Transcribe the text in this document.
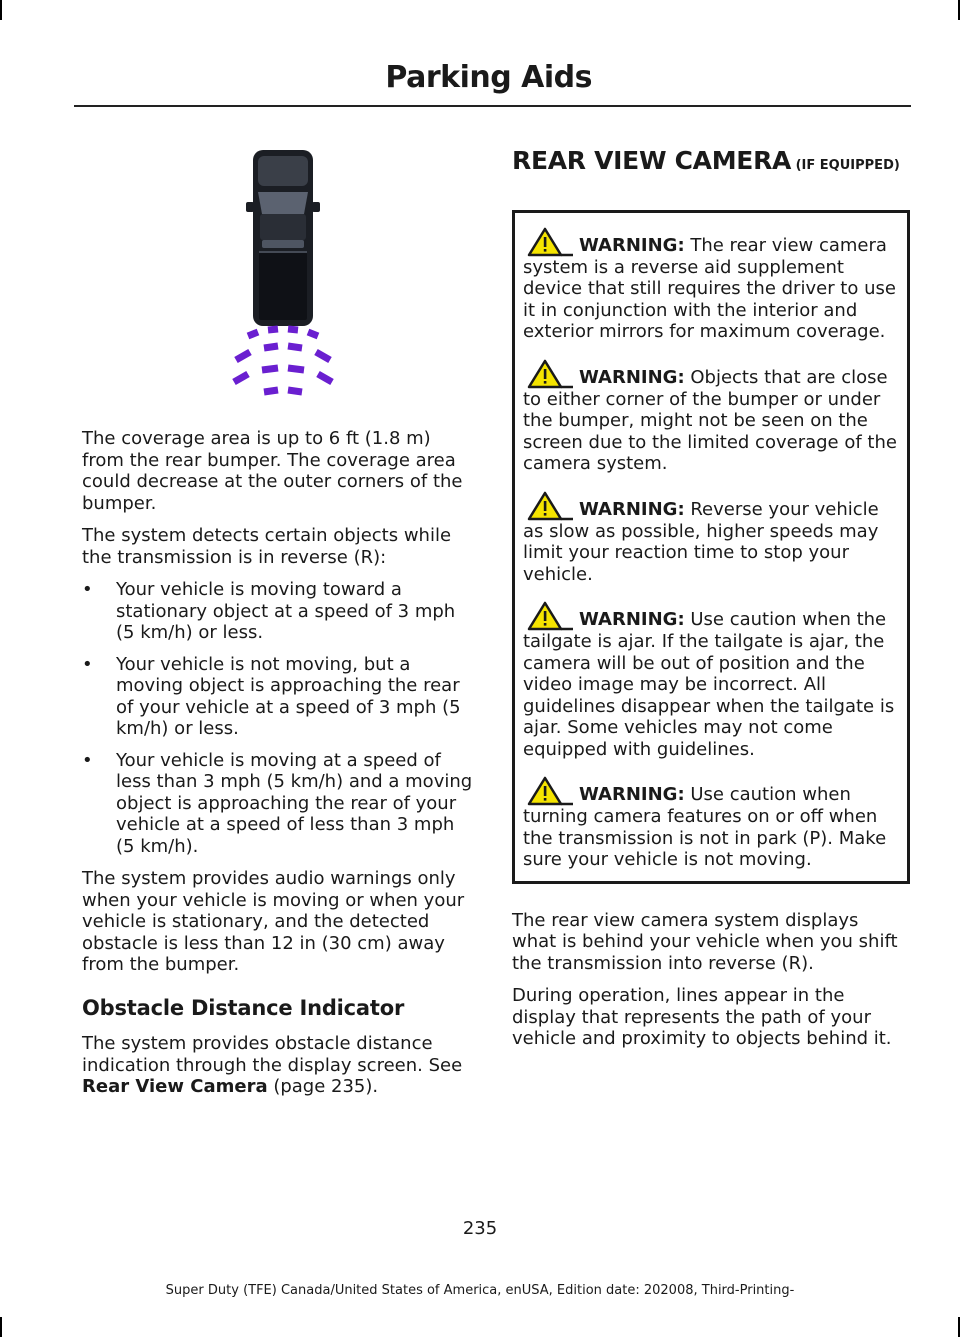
Parking Aids

The coverage area is up to 6 ft (1.8 m) from the rear bumper. The coverage area could decrease at the outer corners of the bumper.

The system detects certain objects while the transmission is in reverse (R):

• Your vehicle is moving toward a stationary object at a speed of 3 mph (5 km/h) or less.
• Your vehicle is not moving, but a moving object is approaching the rear of your vehicle at a speed of 3 mph (5 km/h) or less.
• Your vehicle is moving at a speed of less than 3 mph (5 km/h) and a moving object is approaching the rear of your vehicle at a speed of less than 3 mph (5 km/h).

The system provides audio warnings only when your vehicle is moving or when your vehicle is stationary, and the detected obstacle is less than 12 in (30 cm) away from the bumper.

Obstacle Distance Indicator

The system provides obstacle distance indication through the display screen. See Rear View Camera (page 235).

REAR VIEW CAMERA (IF EQUIPPED)

WARNING: The rear view camera system is a reverse aid supplement device that still requires the driver to use it in conjunction with the interior and exterior mirrors for maximum coverage.

WARNING: Objects that are close to either corner of the bumper or under the bumper, might not be seen on the screen due to the limited coverage of the camera system.

WARNING: Reverse your vehicle as slow as possible, higher speeds may limit your reaction time to stop your vehicle.

WARNING: Use caution when the tailgate is ajar. If the tailgate is ajar, the camera will be out of position and the video image may be incorrect. All guidelines disappear when the tailgate is ajar. Some vehicles may not come equipped with guidelines.

WARNING: Use caution when turning camera features on or off when the transmission is not in park (P). Make sure your vehicle is not moving.

The rear view camera system displays what is behind your vehicle when you shift the transmission into reverse (R).

During operation, lines appear in the display that represents the path of your vehicle and proximity to objects behind it.

235
Super Duty (TFE) Canada/United States of America, enUSA, Edition date: 202008, Third-Printing-
